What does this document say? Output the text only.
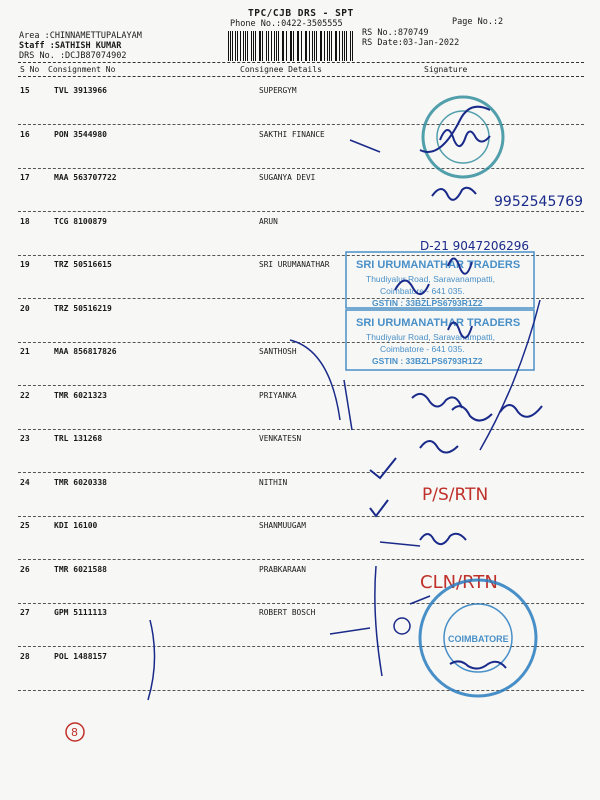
TPC/CJB DRS - SPT
Phone No.:0422-3505555	Page No.:2
Area :CHINNAMETTUPALAYAM
Staff :SATHISH KUMAR
DRS No. :DCJB87074902
RS No.:870749
RS Date:03-Jan-2022
S No Consignment No	Consignee Details	Signature
15	TVL 3913966	SUPERGYM
16	PON 3544980	SAKTHI FINANCE
17	MAA 563707722	SUGANYA DEVI
18	TCG 8100879	ARUN
19	TRZ 50516615	SRI URUMANATHAR
20	TRZ 50516219
21	MAA 856817826	SANTHOSH
22	TMR 6021323	PRIYANKA
23	TRL 131268	VENKATESN
24	TMR 6020338	NITHIN
25	KDI 16100	SHANMUUGAM
26	TMR 6021588	PRABKARAAN
27	GPM 5111113	ROBERT BOSCH
28	POL 1488157
9952545769
D-21 9047206296
SRI URUMANATHAR TRADERS
Thudiyalur Road, Saravanampatti,
Coimbatore - 641 035.
GSTIN : 33BZLPS6793R1Z2
SRI URUMANATHAR TRADERS
Thudiyalur Road, Saravanampatti,
Coimbatore - 641 035.
GSTIN : 33BZLPS6793R1Z2
P/S/RTN
CLN/RTN
COIMBATORE
8
